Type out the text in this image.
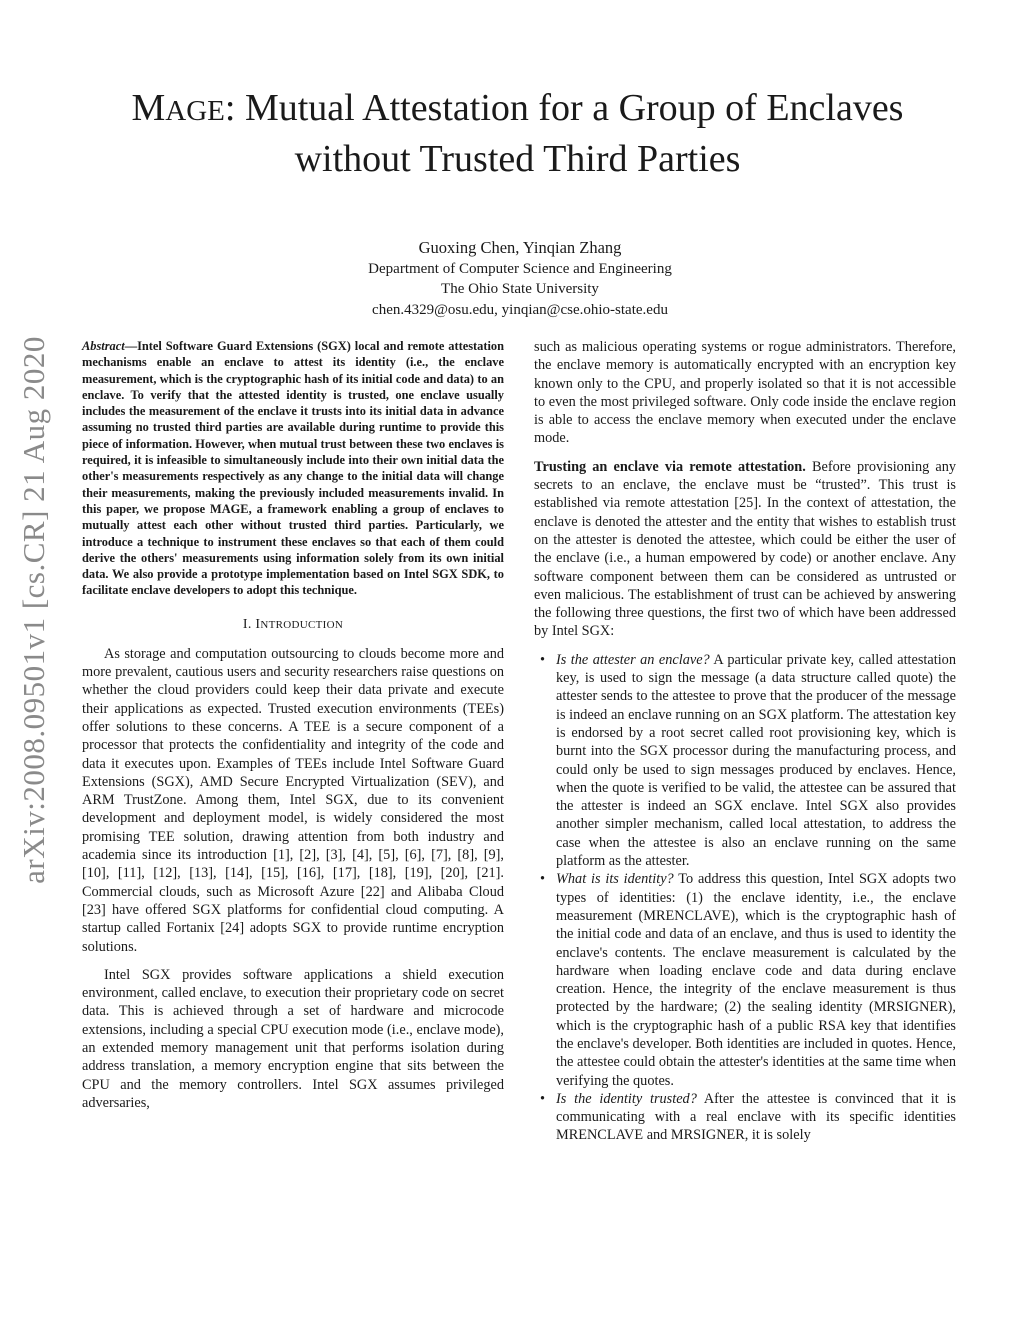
arXiv:2008.09501v1 [cs.CR] 21 Aug 2020
MAGE: Mutual Attestation for a Group of Enclaves
without Trusted Third Parties
Guoxing Chen, Yinqian Zhang
Department of Computer Science and Engineering
The Ohio State University
chen.4329@osu.edu, yinqian@cse.ohio-state.edu

Abstract—Intel Software Guard Extensions (SGX) local and remote attestation mechanisms enable an enclave to attest its identity (i.e., the enclave measurement, which is the cryptographic hash of its initial code and data) to an enclave. To verify that the attested identity is trusted, one enclave usually includes the measurement of the enclave it trusts into its initial data in advance assuming no trusted third parties are available during runtime to provide this piece of information. However, when mutual trust between these two enclaves is required, it is infeasible to simultaneously include into their own initial data the other's measurements respectively as any change to the initial data will change their measurements, making the previously included measurements invalid. In this paper, we propose MAGE, a framework enabling a group of enclaves to mutually attest each other without trusted third parties. Particularly, we introduce a technique to instrument these enclaves so that each of them could derive the others' measurements using information solely from its own initial data. We also provide a prototype implementation based on Intel SGX SDK, to facilitate enclave developers to adopt this technique.

I. INTRODUCTION

As storage and computation outsourcing to clouds become more and more prevalent, cautious users and security researchers raise questions on whether the cloud providers could keep their data private and execute their applications as expected. Trusted execution environments (TEEs) offer solutions to these concerns. A TEE is a secure component of a processor that protects the confidentiality and integrity of the code and data it executes upon. Examples of TEEs include Intel Software Guard Extensions (SGX), AMD Secure Encrypted Virtualization (SEV), and ARM TrustZone. Among them, Intel SGX, due to its convenient development and deployment model, is widely considered the most promising TEE solution, drawing attention from both industry and academia since its introduction [1], [2], [3], [4], [5], [6], [7], [8], [9], [10], [11], [12], [13], [14], [15], [16], [17], [18], [19], [20], [21]. Commercial clouds, such as Microsoft Azure [22] and Alibaba Cloud [23] have offered SGX platforms for confidential cloud computing. A startup called Fortanix [24] adopts SGX to provide runtime encryption solutions.

Intel SGX provides software applications a shield execution environment, called enclave, to execution their proprietary code on secret data. This is achieved through a set of hardware and microcode extensions, including a special CPU execution mode (i.e., enclave mode), an extended memory management unit that performs isolation during address translation, a memory encryption engine that sits between the CPU and the memory controllers. Intel SGX assumes privileged adversaries,

such as malicious operating systems or rogue administrators. Therefore, the enclave memory is automatically encrypted with an encryption key known only to the CPU, and properly isolated so that it is not accessible to even the most privileged software. Only code inside the enclave region is able to access the enclave memory when executed under the enclave mode.

Trusting an enclave via remote attestation. Before provisioning any secrets to an enclave, the enclave must be “trusted”. This trust is established via remote attestation [25]. In the context of attestation, the enclave is denoted the attester and the entity that wishes to establish trust on the attester is denoted the attestee, which could be either the user of the enclave (i.e., a human empowered by code) or another enclave. Any software component between them can be considered as untrusted or even malicious. The establishment of trust can be achieved by answering the following three questions, the first two of which have been addressed by Intel SGX:

• Is the attester an enclave? A particular private key, called attestation key, is used to sign the message (a data structure called quote) the attester sends to the attestee to prove that the producer of the message is indeed an enclave running on an SGX platform. The attestation key is endorsed by a root secret called root provisioning key, which is burnt into the SGX processor during the manufacturing process, and could only be used to sign messages produced by enclaves. Hence, when the quote is verified to be valid, the attestee can be assured that the attester is indeed an SGX enclave. Intel SGX also provides another simpler mechanism, called local attestation, to address the case when the attestee is also an enclave running on the same platform as the attester.
• What is its identity? To address this question, Intel SGX adopts two types of identities: (1) the enclave identity, i.e., the enclave measurement (MRENCLAVE), which is the cryptographic hash of the initial code and data of an enclave, and thus is used to identity the enclave's contents. The enclave measurement is calculated by the hardware when loading enclave code and data during enclave creation. Hence, the integrity of the enclave measurement is thus protected by the hardware; (2) the sealing identity (MRSIGNER), which is the cryptographic hash of a public RSA key that identifies the enclave's developer. Both identities are included in quotes. Hence, the attestee could obtain the attester's identities at the same time when verifying the quotes.
• Is the identity trusted? After the attestee is convinced that it is communicating with a real enclave with its specific identities MRENCLAVE and MRSIGNER, it is solely
